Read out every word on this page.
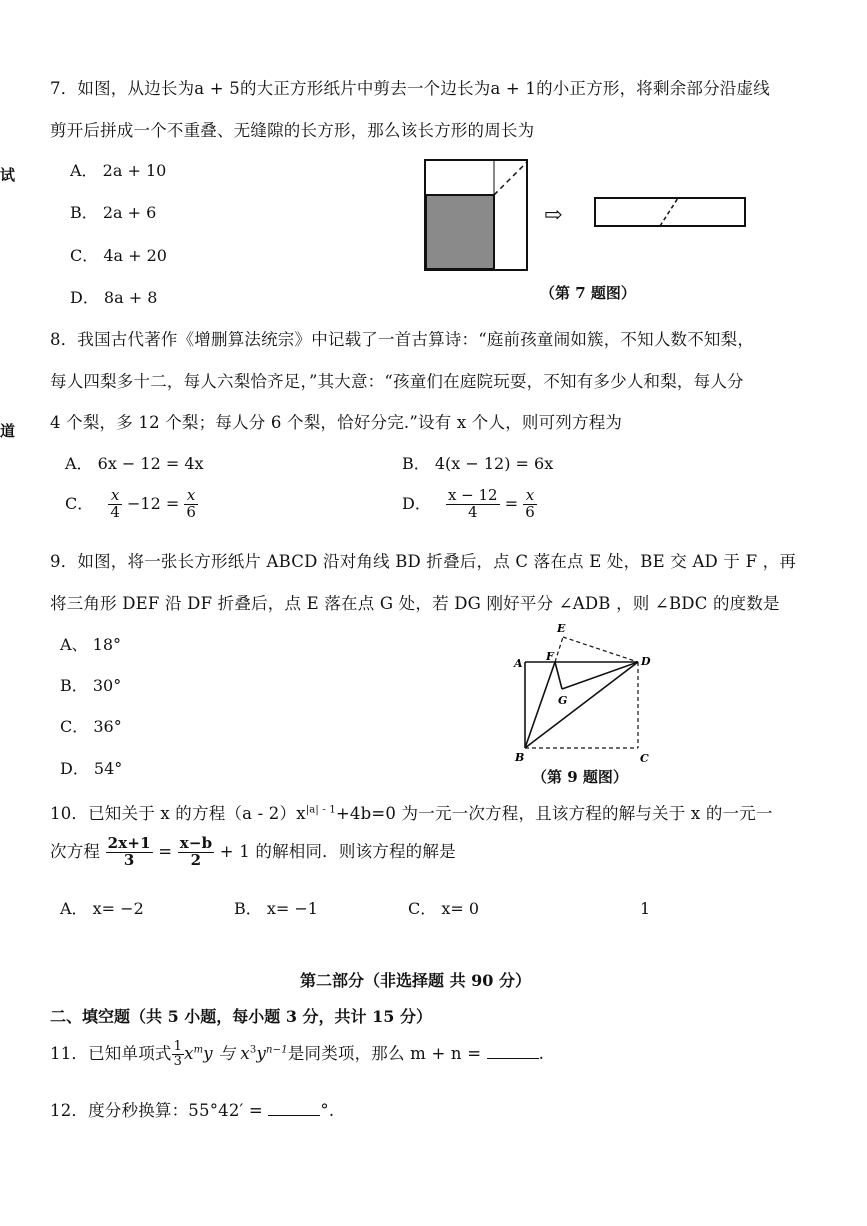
试
道
7．如图，从边长为a + 5的大正方形纸片中剪去一个边长为a + 1的小正方形，将剩余部分沿虚线
剪开后拼成一个不重叠、无缝隙的长方形，那么该长方形的周长为
A． 2a + 10
B． 2a + 6
C． 4a + 20
D． 8a + 8
⇨
（第 7 题图）
8．我国古代著作《增删算法统宗》中记载了一首古算诗：“庭前孩童闹如簇，不知人数不知梨，
每人四梨多十二，每人六梨恰齐足，”其大意：“孩童们在庭院玩耍，不知有多少人和梨，每人分
4 个梨，多 12 个梨；每人分 6 个梨，恰好分完.”设有 x 个人，则可列方程为
A． 6x − 12 = 4x	B． 4(x − 12) = 6x
C． $\frac{x}{4} -12 = \frac{x}{6}$	D． $\frac{x - 12}{4} = \frac{x}{6}$
9．如图，将一张长方形纸片 ABCD 沿对角线 BD 折叠后，点 C 落在点 E 处，BE 交 AD 于 F ，再
将三角形 DEF 沿 DF 折叠后，点 E 落在点 G 处，若 DG 刚好平分 ∠ADB ，则 ∠BDC 的度数是
A、 18°
B． 30°
C． 36°
D． 54°
A
B	C
D
E
F
G
（第 9 题图）
10．已知关于 x 的方程$(a - 2)x^{|a| - 1}+4b=0$ 为一元一次方程，且该方程的解与关于 x 的一元一
次方程 $\frac{2x+1}{3} = \frac{x-b}{2} + 1$ 的解相同．则该方程的解是
A． x= −2	B． x= −1	C． x= 0	1
第二部分（非选择题 共 90 分）
二、填空题（共 5 小题，每小题 3 分，共计 15 分）
11．已知单项式 $\frac{1}{3} x^my$ 与 $x^3y^{n-1}$是同类项，那么 m + n =	.
12．度分秒换算：55°42′ =	°.
